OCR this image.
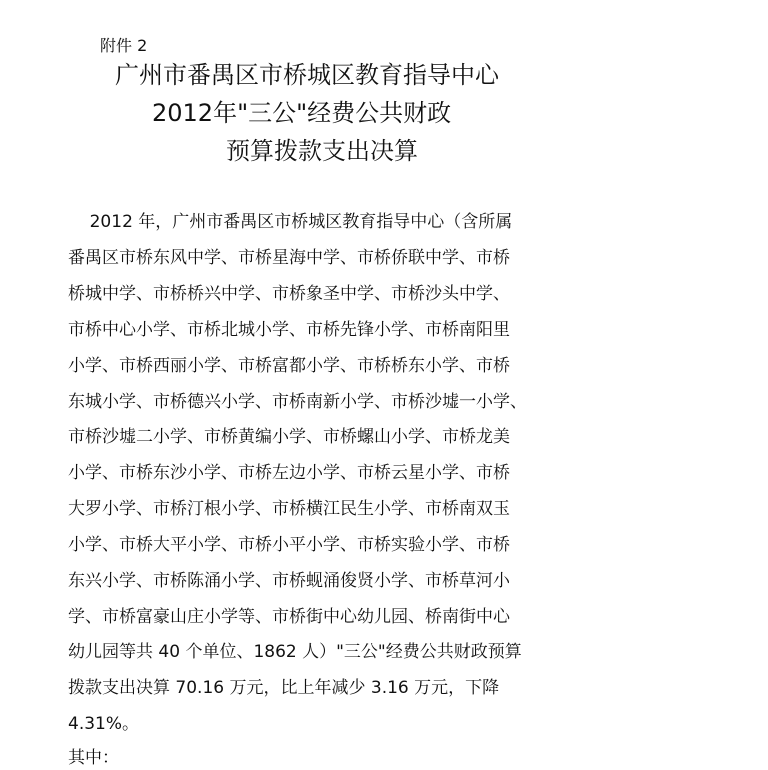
附件 2
广州市番禺区市桥城区教育指导中心
2012年"三公"经费公共财政
预算拨款支出决算
2012 年，广州市番禺区市桥城区教育指导中心（含所属
番禺区市桥东风中学、市桥星海中学、市桥侨联中学、市桥
桥城中学、市桥桥兴中学、市桥象圣中学、市桥沙头中学、
市桥中心小学、市桥北城小学、市桥先锋小学、市桥南阳里
小学、市桥西丽小学、市桥富都小学、市桥桥东小学、市桥
东城小学、市桥德兴小学、市桥南新小学、市桥沙墟一小学、
市桥沙墟二小学、市桥黄编小学、市桥螺山小学、市桥龙美
小学、市桥东沙小学、市桥左边小学、市桥云星小学、市桥
大罗小学、市桥汀根小学、市桥横江民生小学、市桥南双玉
小学、市桥大平小学、市桥小平小学、市桥实验小学、市桥
东兴小学、市桥陈涌小学、市桥蚬涌俊贤小学、市桥草河小
学、市桥富豪山庄小学等、市桥街中心幼儿园、桥南街中心
幼儿园等共 40 个单位、1862 人）"三公"经费公共财政预算
拨款支出决算 70.16 万元，比上年减少 3.16 万元，下降
4.31%。
其中：
